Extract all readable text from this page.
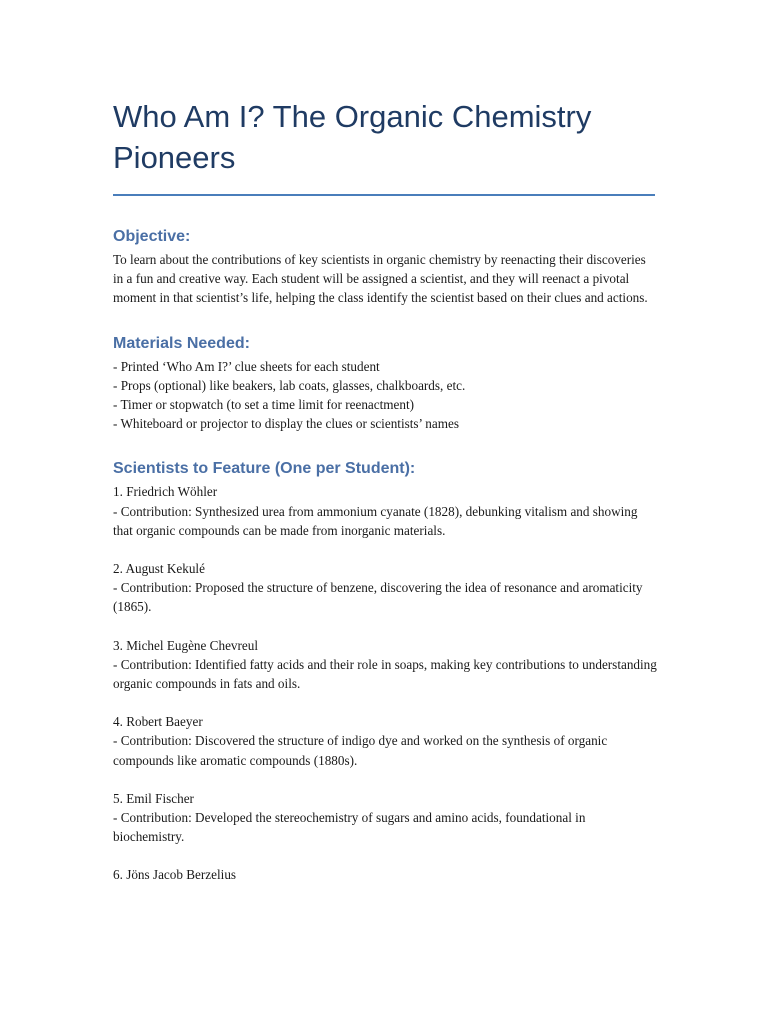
Who Am I? The Organic Chemistry Pioneers
Objective:

To learn about the contributions of key scientists in organic chemistry by reenacting their discoveries in a fun and creative way. Each student will be assigned a scientist, and they will reenact a pivotal moment in that scientist’s life, helping the class identify the scientist based on their clues and actions.

Materials Needed:
- Printed ‘Who Am I?’ clue sheets for each student
- Props (optional) like beakers, lab coats, glasses, chalkboards, etc.
- Timer or stopwatch (to set a time limit for reenactment)
- Whiteboard or projector to display the clues or scientists’ names
Scientists to Feature (One per Student):
1. Friedrich Wöhler

- Contribution: Synthesized urea from ammonium cyanate (1828), debunking vitalism and showing that organic compounds can be made from inorganic materials.

2. August Kekulé

- Contribution: Proposed the structure of benzene, discovering the idea of resonance and aromaticity (1865).

3. Michel Eugène Chevreul

- Contribution: Identified fatty acids and their role in soaps, making key contributions to understanding organic compounds in fats and oils.

4. Robert Baeyer

- Contribution: Discovered the structure of indigo dye and worked on the synthesis of organic compounds like aromatic compounds (1880s).

5. Emil Fischer

- Contribution: Developed the stereochemistry of sugars and amino acids, foundational in biochemistry.

6. Jöns Jacob Berzelius
